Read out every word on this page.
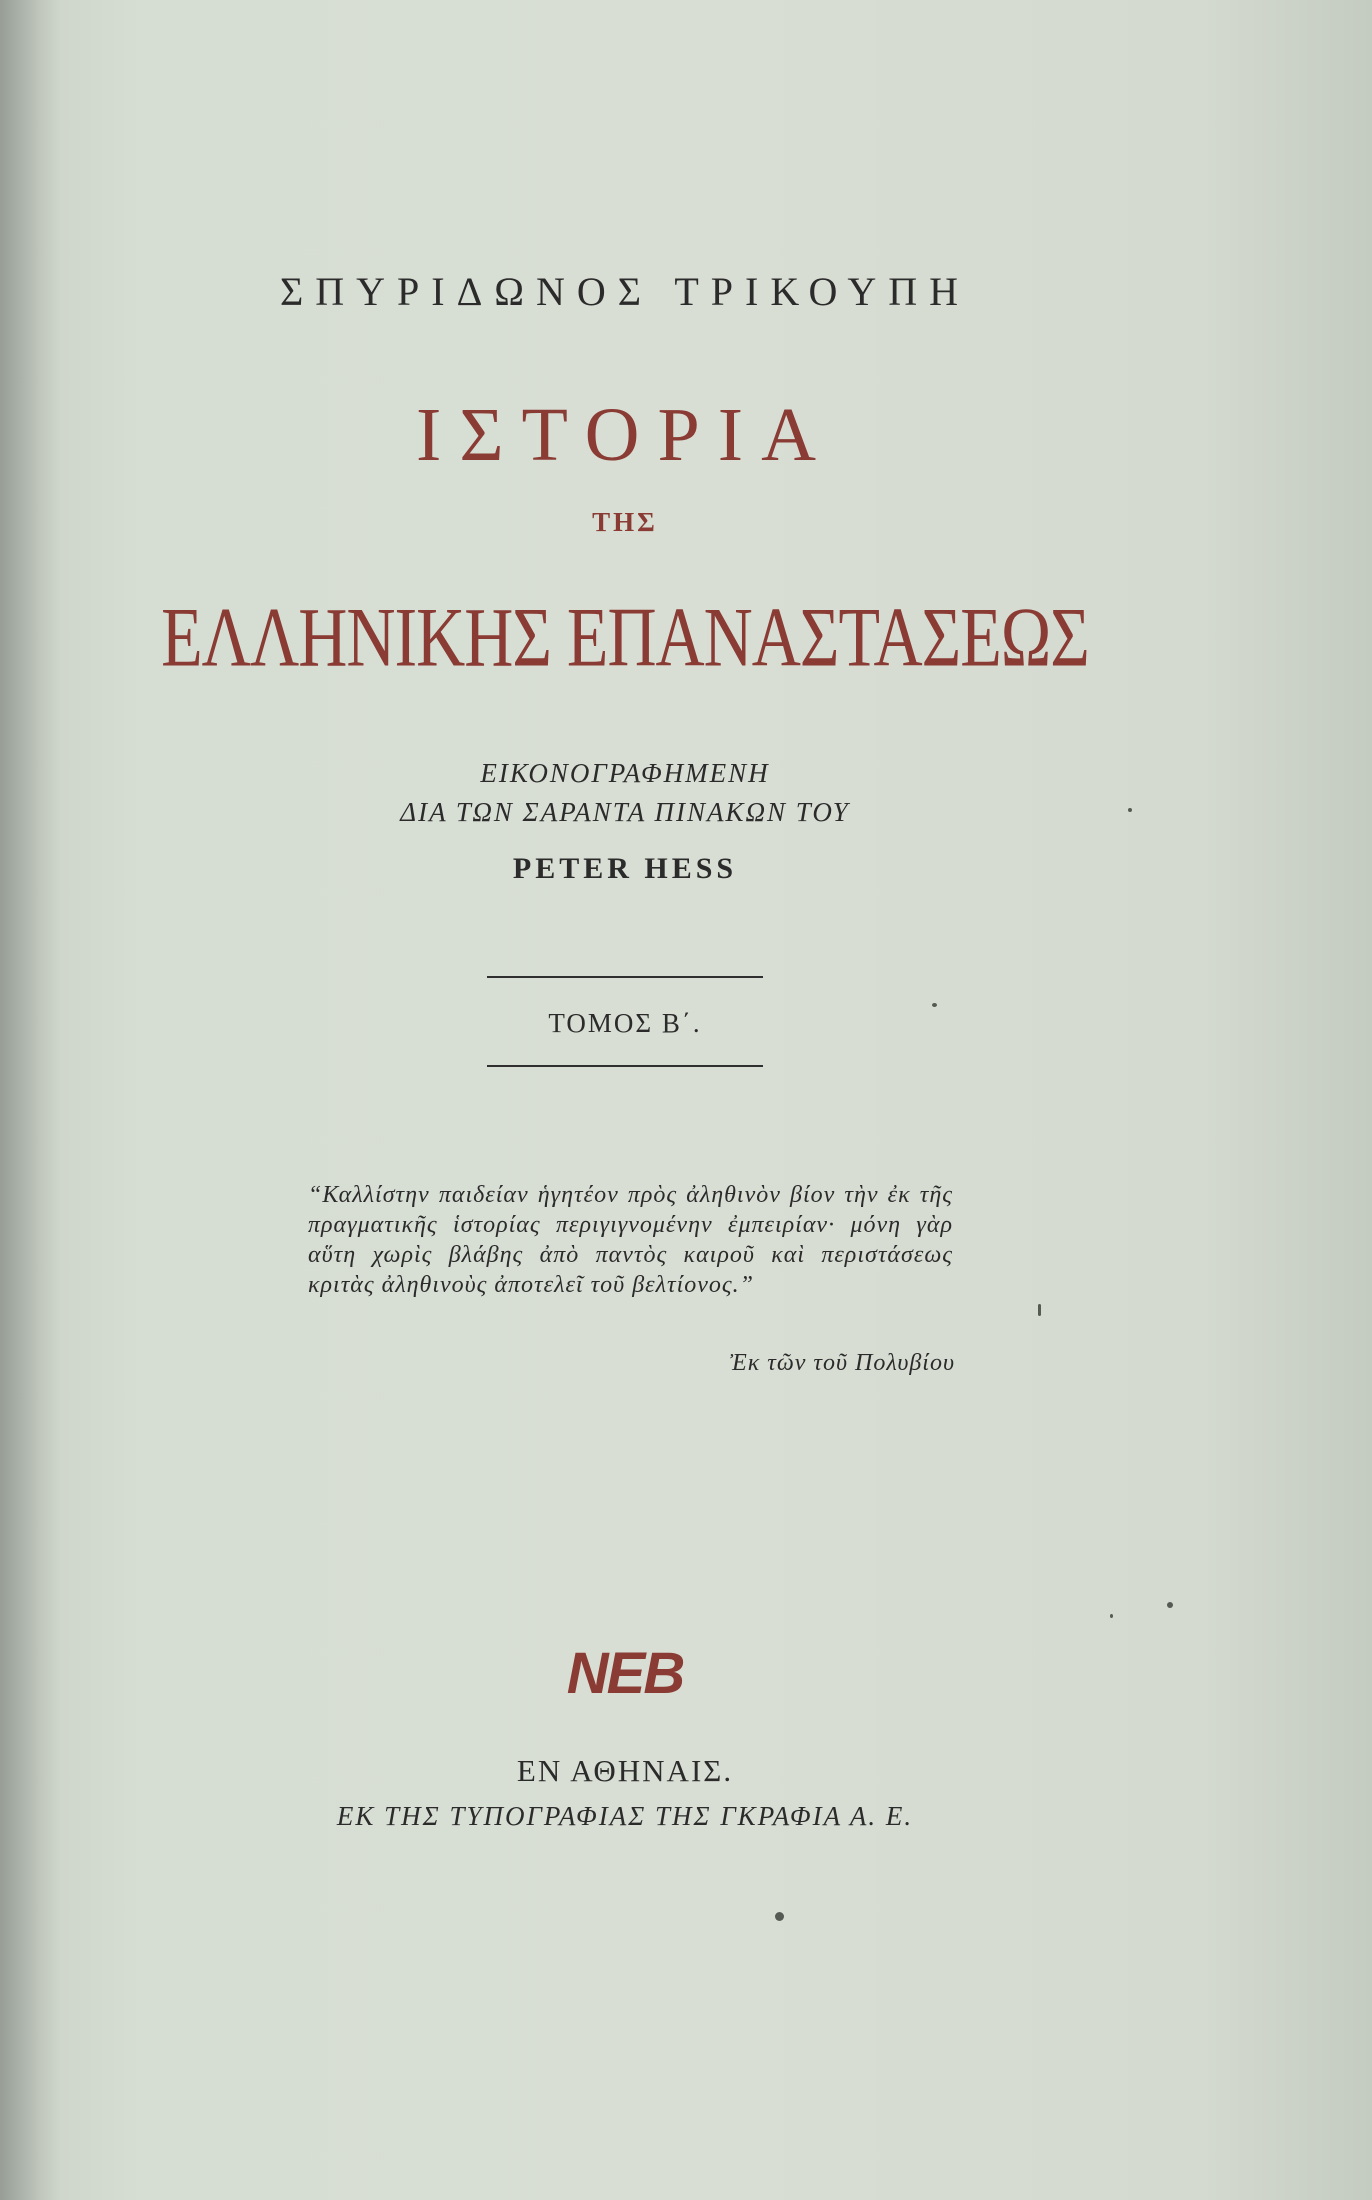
ΣΠΥΡΙΔΩΝΟΣ ΤΡΙΚΟΥΠΗ
ΙΣΤΟΡΙΑ
ΤΗΣ
ΕΛΛΗΝΙΚΗΣ ΕΠΑΝΑΣΤΑΣΕΩΣ
ΕΙΚΟΝΟΓΡΑΦΗΜΕΝΗ
ΔΙΑ ΤΩΝ ΣΑΡΑΝΤΑ ΠΙΝΑΚΩΝ ΤΟΥ
PETER HESS
ΤΟΜΟΣ Β΄.
“Καλλίστην παιδείαν ἡγητέον πρὸς ἀληθινὸν βίον τὴν ἐκ τῆς πραγματικῆς ἱστορίας περιγιγνομένην ἐμπειρίαν· μόνη γὰρ αὕτη χωρὶς βλάβης ἀπὸ παντὸς καιροῦ καὶ περιστάσεως κριτὰς ἀληθινοὺς ἀποτελεῖ τοῦ βελτίονος.”
Ἐκ τῶν τοῦ Πολυβίου
NEB
ΕΝ ΑΘΗΝΑΙΣ.
ΕΚ ΤΗΣ ΤΥΠΟΓΡΑΦΙΑΣ ΤΗΣ ΓΚΡΑΦΙΑ Α. Ε.
